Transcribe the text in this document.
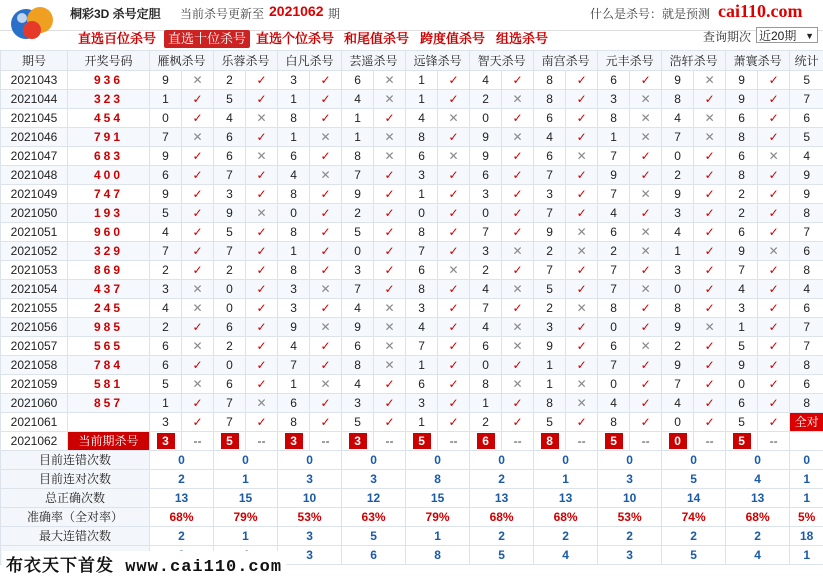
桐彩3D 杀号定胆 当前杀号更新至 2021062 期	什么是杀号：就是预测 cai110.com
直选百位杀号 直选十位杀号 直选个位杀号 和尾值杀号 跨度值杀号 组选杀号	查询期次 近20期 ▼
期号	开奖号码	雁枫杀号		乐蓉杀号		白凡杀号		芸遥杀号		远锋杀号		智天杀号		南宫杀号		元丰杀号		浩轩杀号		萧寰杀号		统计
2021043	936	9	✕	2	✓	3	✓	6	✕	1	✓	4	✓	8	✓	6	✓	9	✕	9	✓	5
2021044	323	1	✓	5	✓	1	✓	4	✕	1	✓	2	✕	8	✓	3	✕	8	✓	9	✓	7
2021045	454	0	✓	4	✕	8	✓	1	✓	4	✕	0	✓	6	✓	8	✕	4	✕	6	✓	6
2021046	791	7	✕	6	✓	1	✕	1	✕	8	✓	9	✕	4	✓	1	✕	7	✕	8	✓	5
2021047	683	9	✓	6	✕	6	✓	8	✕	6	✕	9	✓	6	✕	7	✓	0	✓	6	✕	4
2021048	400	6	✓	7	✓	4	✕	7	✓	3	✓	6	✓	7	✓	9	✓	2	✓	8	✓	9
2021049	747	9	✓	3	✓	8	✓	9	✓	1	✓	3	✓	3	✓	7	✕	9	✓	2	✓	9
2021050	193	5	✓	9	✕	0	✓	2	✓	0	✓	0	✓	7	✓	4	✓	3	✓	2	✓	8
2021051	960	4	✓	5	✓	8	✓	5	✓	8	✓	7	✓	9	✕	6	✕	4	✓	6	✓	7
2021052	329	7	✓	7	✓	1	✓	0	✓	7	✓	3	✕	2	✕	2	✕	1	✓	9	✕	6
2021053	869	2	✓	2	✓	8	✓	3	✓	6	✕	2	✓	7	✓	7	✓	3	✓	7	✓	8
2021054	437	3	✕	0	✓	3	✕	7	✓	8	✓	4	✕	5	✓	7	✕	0	✓	4	✓	4
2021055	245	4	✕	0	✓	3	✓	4	✕	3	✓	7	✓	2	✕	8	✓	8	✓	3	✓	6
2021056	985	2	✓	6	✓	9	✕	9	✕	4	✓	4	✕	3	✓	0	✓	9	✕	1	✓	7
2021057	565	6	✕	2	✓	4	✓	6	✕	7	✓	6	✕	9	✓	6	✕	2	✓	5	✓	7
2021058	784	6	✓	0	✓	7	✓	8	✕	1	✓	0	✓	1	✓	7	✓	9	✓	9	✓	8
2021059	581	5	✕	6	✓	1	✕	4	✓	6	✓	8	✕	1	✕	0	✓	7	✓	0	✓	6
2021060	857	1	✓	7	✕	6	✓	3	✓	3	✓	1	✓	8	✕	4	✓	4	✓	6	✓	8
2021061		3	✓	7	✓	8	✓	5	✓	1	✓	2	✓	5	✓	8	✓	0	✓	5	✓	全对
2021062	当前期杀号	3	--	5	--	3	--	3	--	5	--	6	--	8	--	5	--	0	--	5	--	
目前连错次数		0		0		0		0		0		0		0		0		0		0		0
目前连对次数		2		1		3		3		8		2		1		3		5		4		1
总正确次数		13		15		10		12		15		13		13		10		14		13		1
准确率（全对率）		68%		79%		53%		63%		79%		68%		68%		53%		74%		68%		5%
最大连错次数		2		1		3		5		1		2		2		2		2		2		18
			3		6		8		5		4		3		5		4		1
布衣天下首发 www.cai110.com
